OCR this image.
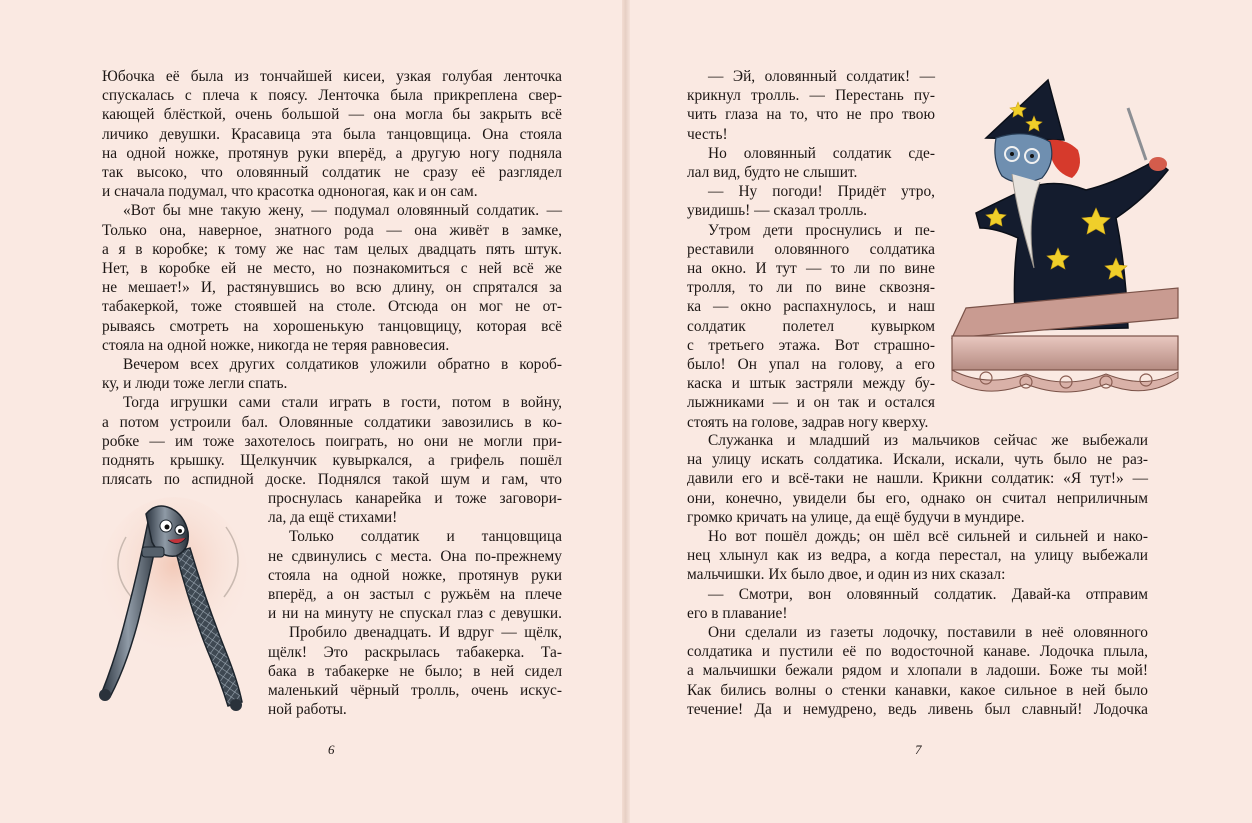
Юбочка её была из тончайшей кисеи, узкая голубая ленточка
спускалась с плеча к поясу. Ленточка была прикреплена свер-
кающей блёсткой, очень большой — она могла бы закрыть всё
личико девушки. Красавица эта была танцовщица. Она стояла
на одной ножке, протянув руки вперёд, а другую ногу подняла
так высоко, что оловянный солдатик не сразу её разглядел
и сначала подумал, что красотка одноногая, как и он сам.
«Вот бы мне такую жену, — подумал оловянный солдатик. —
Только она, наверное, знатного рода — она живёт в замке,
а я в коробке; к тому же нас там целых двадцать пять штук.
Нет, в коробке ей не место, но познакомиться с ней всё же
не мешает!» И, растянувшись во всю длину, он спрятался за
табакеркой, тоже стоявшей на столе. Отсюда он мог не от-
рываясь смотреть на хорошенькую танцовщицу, которая всё
стояла на одной ножке, никогда не теряя равновесия.
Вечером всех других солдатиков уложили обратно в короб-
ку, и люди тоже легли спать.
Тогда игрушки сами стали играть в гости, потом в войну,
а потом устроили бал. Оловянные солдатики завозились в ко-
робке — им тоже захотелось поиграть, но они не могли при-
поднять крышку. Щелкунчик кувыркался, а грифель пошёл
плясать по аспидной доске. Поднялся такой шум и гам, что
проснулась канарейка и тоже заговори-
ла, да ещё стихами!
Только солдатик и танцовщица
не сдвинулись с места. Она по-прежнему
стояла на одной ножке, протянув руки
вперёд, а он застыл с ружьём на плече
и ни на минуту не спускал глаз с девушки.
Пробило двенадцать. И вдруг — щёлк,
щёлк! Это раскрылась табакерка. Та-
бака в табакерке не было; в ней сидел
маленький чёрный тролль, очень искус-
ной работы.
— Эй, оловянный солдатик! —
крикнул тролль. — Перестань пу-
чить глаза на то, что не про твою
честь!
Но оловянный солдатик сде-
лал вид, будто не слышит.
— Ну погоди! Придёт утро,
увидишь! — сказал тролль.
Утром дети проснулись и пе-
реставили оловянного солдатика
на окно. И тут — то ли по вине
тролля, то ли по вине сквозня-
ка — окно распахнулось, и наш
солдатик полетел кувырком
с третьего этажа. Вот страшно-
было! Он упал на голову, а его
каска и штык застряли между бу-
лыжниками — и он так и остался
стоять на голове, задрав ногу кверху.
Служанка и младший из мальчиков сейчас же выбежали
на улицу искать солдатика. Искали, искали, чуть было не раз-
давили его и всё-таки не нашли. Крикни солдатик: «Я тут!» —
они, конечно, увидели бы его, однако он считал неприличным
громко кричать на улице, да ещё будучи в мундире.
Но вот пошёл дождь; он шёл всё сильней и сильней и нако-
нец хлынул как из ведра, а когда перестал, на улицу выбежали
мальчишки. Их было двое, и один из них сказал:
— Смотри, вон оловянный солдатик. Давай-ка отправим
его в плавание!
Они сделали из газеты лодочку, поставили в неё оловянного
солдатика и пустили её по водосточной канаве. Лодочка плыла,
а мальчишки бежали рядом и хлопали в ладоши. Боже ты мой!
Как бились волны о стенки канавки, какое сильное в ней было
течение! Да и немудрено, ведь ливень был славный! Лодочка
6	7
